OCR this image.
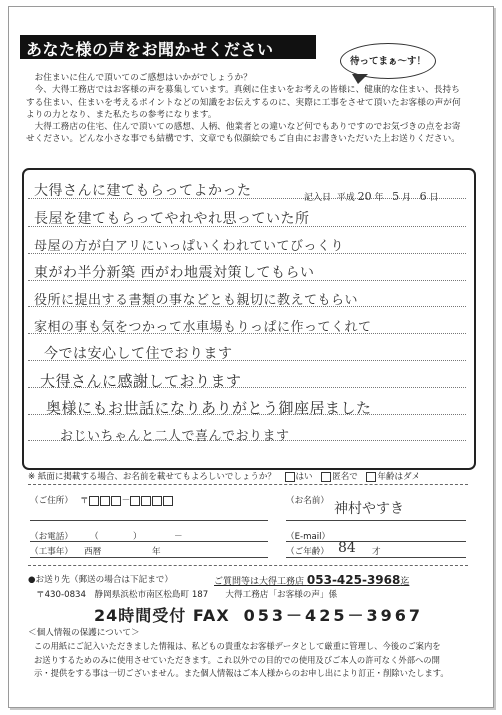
あなた様の声をお聞かせください
待ってまぁ～す！

お住まいに住んで頂いてのご感想はいかがでしょうか？

今、大得工務店ではお客様の声を募集しています。真剣に住まいをお考えの皆様に、健康的な住まい、長持ちする住まい、住まいを考えるポイントなどの知識をお伝えするのに、実際に工事をさせて頂いたお客様の声が何よりの力となり、また私たちの参考になります。

大得工務店の住宅、住んで頂いての感想、人柄、他業者との違いなど何でもありですのでお気づきの点をお寄せください。どんな小さな事でも結構です、文章でも似顔絵でもご自由にお書きいただいた上お送りください。

記入日 平成 20 年 5 月 6 日
大得さんに建てもらってよかった
長屋を建てもらってやれやれ思っていた所
母屋の方が白アリにいっぱいくわれていてびっくり
東がわ半分新築 西がわ地震対策してもらい
役所に提出する書類の事などとも親切に教えてもらい
家相の事も気をつかって水車場もりっぱに作ってくれて
今では安心して住でおります
大得さんに感謝しております
奥様にもお世話になりありがとう御座居ました
おじいちゃんと二人で喜んでおります
※ 紙面に掲載する場合、お名前を載せてもよろしいでしょうか？ はい 匿名で 年齢はダメ
（ご住所） 〒	－	（お名前） 神村やすき
（お電話） （　　　　）	－	（E-mail）
（工事年） 西暦	年	（ご年齢） 84 才
●お送り先（郵送の場合は下記まで）	ご質問等は大得工務店 053-425-3968迄
〒430-0834　静岡県浜松市南区松島町 187　　大得工務店「お客様の声」係
24時間受付 FAX 053－425－3967
＜個人情報の保護について＞

この用紙にご記入いただきました情報は、私どもの貴重なお客様データとして厳重に管理し、今後のご案内を

お送りするためのみに使用させていただきます。これ以外での目的での使用及びご本人の許可なく外部への開

示・提供をする事は一切ございません。また個人情報はご本人様からのお申し出により訂正・削除いたします。
